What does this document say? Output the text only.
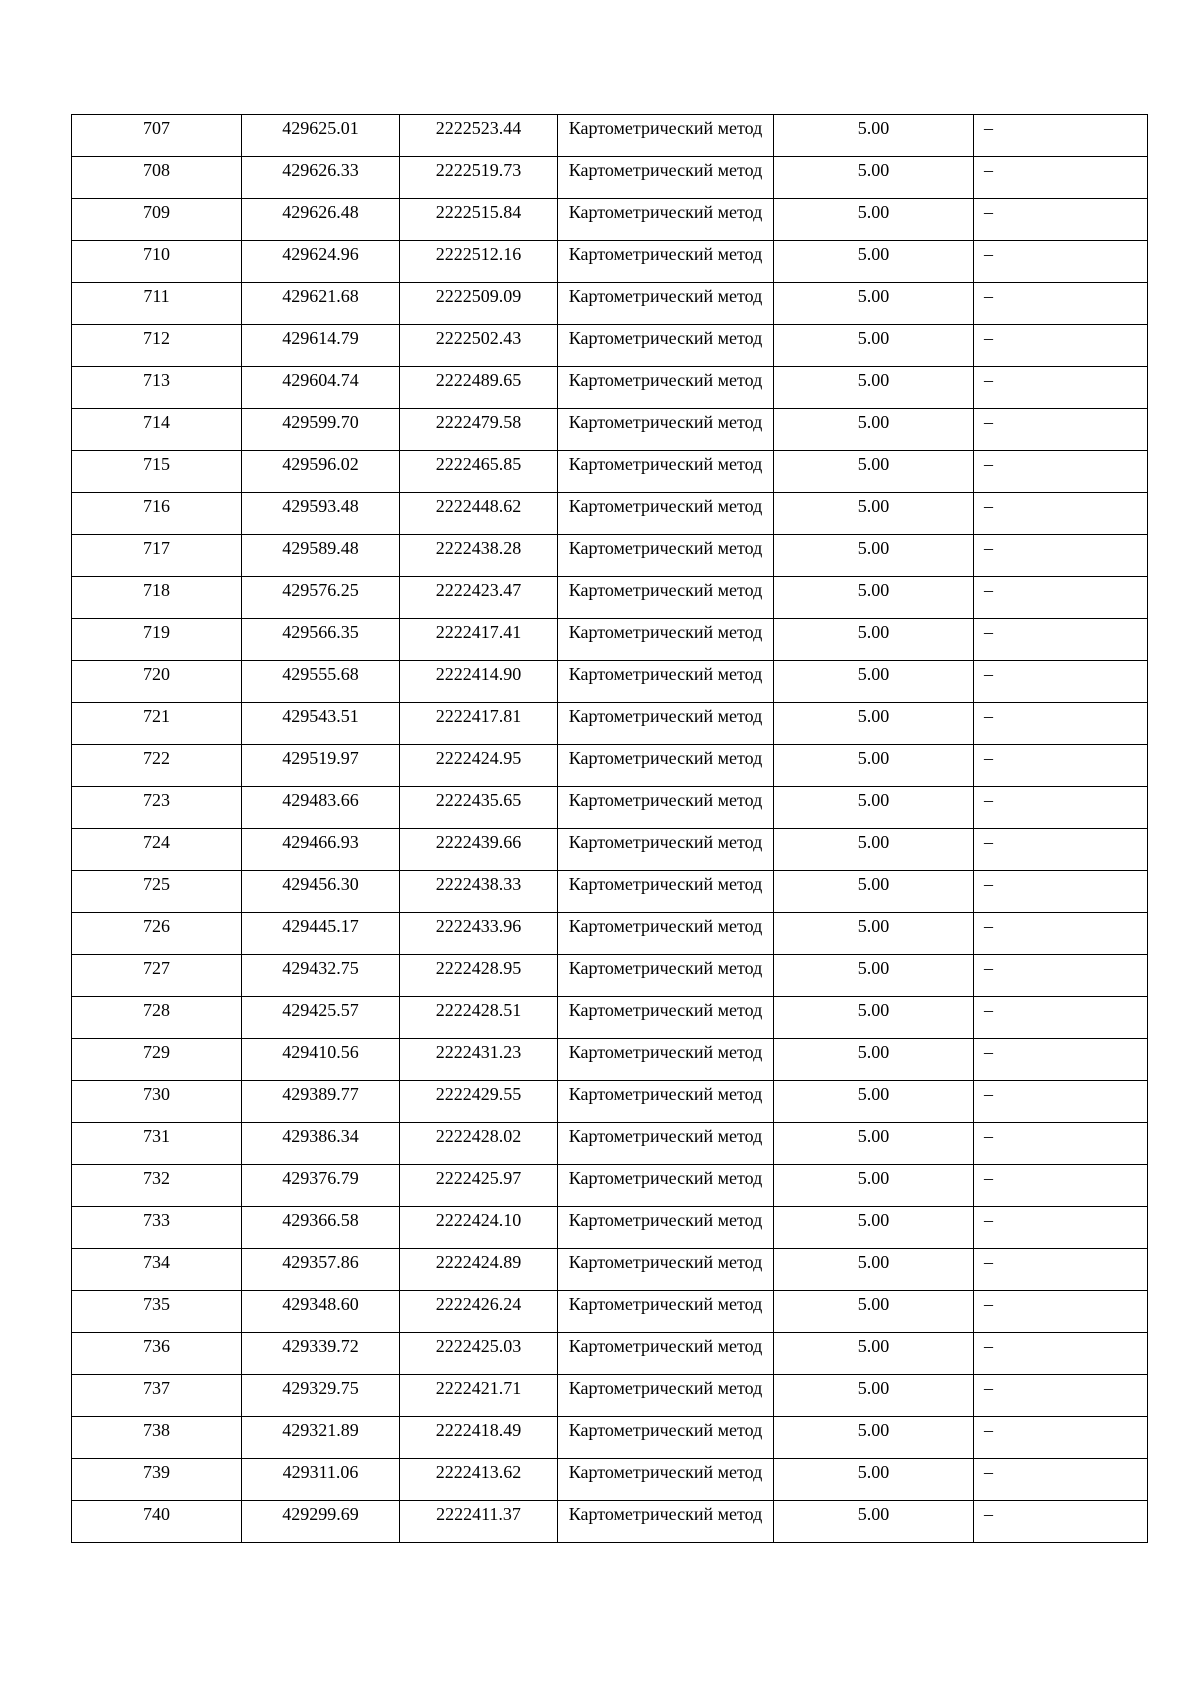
707	429625.01	2222523.44	Картометрический метод	5.00	–

708	429626.33	2222519.73	Картометрический метод	5.00	–

709	429626.48	2222515.84	Картометрический метод	5.00	–

710	429624.96	2222512.16	Картометрический метод	5.00	–

711	429621.68	2222509.09	Картометрический метод	5.00	–

712	429614.79	2222502.43	Картометрический метод	5.00	–

713	429604.74	2222489.65	Картометрический метод	5.00	–

714	429599.70	2222479.58	Картометрический метод	5.00	–

715	429596.02	2222465.85	Картометрический метод	5.00	–

716	429593.48	2222448.62	Картометрический метод	5.00	–

717	429589.48	2222438.28	Картометрический метод	5.00	–

718	429576.25	2222423.47	Картометрический метод	5.00	–

719	429566.35	2222417.41	Картометрический метод	5.00	–

720	429555.68	2222414.90	Картометрический метод	5.00	–

721	429543.51	2222417.81	Картометрический метод	5.00	–

722	429519.97	2222424.95	Картометрический метод	5.00	–

723	429483.66	2222435.65	Картометрический метод	5.00	–

724	429466.93	2222439.66	Картометрический метод	5.00	–

725	429456.30	2222438.33	Картометрический метод	5.00	–

726	429445.17	2222433.96	Картометрический метод	5.00	–

727	429432.75	2222428.95	Картометрический метод	5.00	–

728	429425.57	2222428.51	Картометрический метод	5.00	–

729	429410.56	2222431.23	Картометрический метод	5.00	–

730	429389.77	2222429.55	Картометрический метод	5.00	–

731	429386.34	2222428.02	Картометрический метод	5.00	–

732	429376.79	2222425.97	Картометрический метод	5.00	–

733	429366.58	2222424.10	Картометрический метод	5.00	–

734	429357.86	2222424.89	Картометрический метод	5.00	–

735	429348.60	2222426.24	Картометрический метод	5.00	–

736	429339.72	2222425.03	Картометрический метод	5.00	–

737	429329.75	2222421.71	Картометрический метод	5.00	–

738	429321.89	2222418.49	Картометрический метод	5.00	–

739	429311.06	2222413.62	Картометрический метод	5.00	–

740	429299.69	2222411.37	Картометрический метод	5.00	–
